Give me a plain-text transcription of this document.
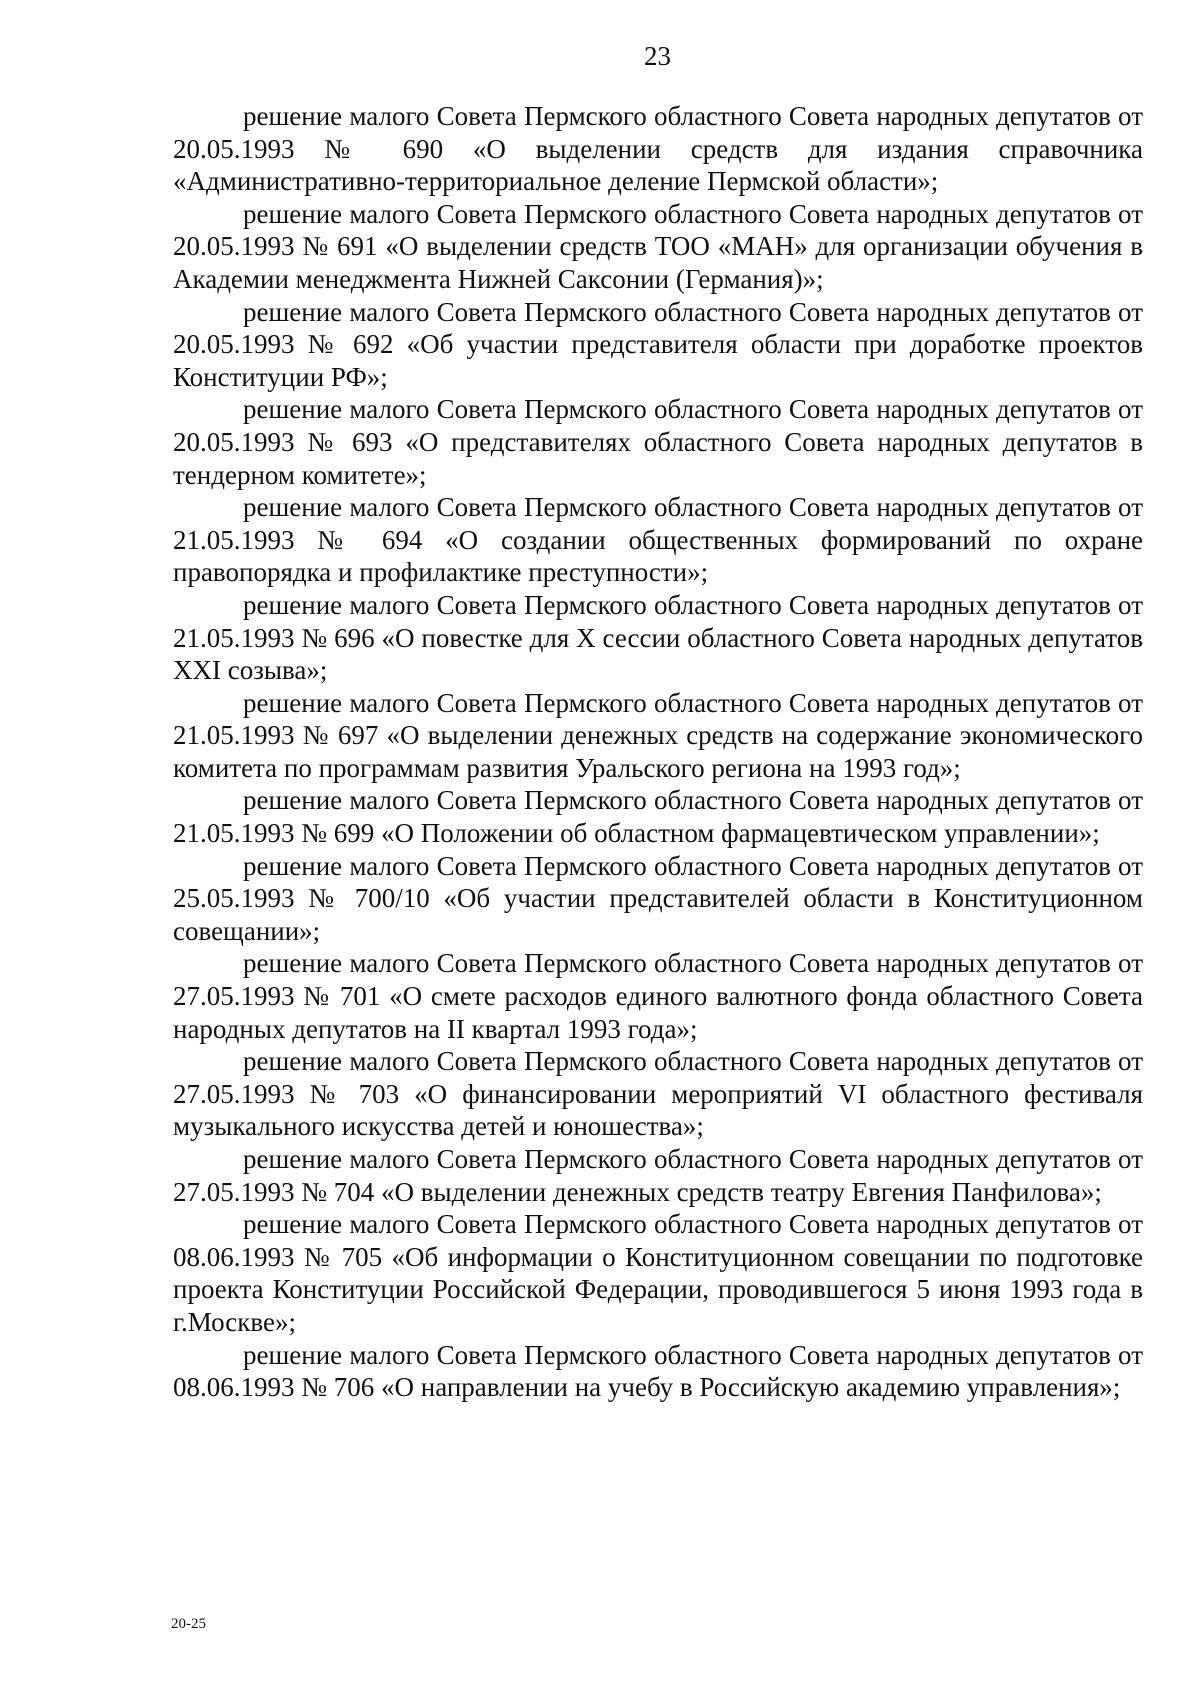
23

решение малого Совета Пермского областного Совета народных депутатов от 20.05.1993 № 690 «О выделении средств для издания справочника «Административно-территориальное деление Пермской области»;

решение малого Совета Пермского областного Совета народных депутатов от 20.05.1993 № 691 «О выделении средств ТОО «МАН» для организации обучения в Академии менеджмента Нижней Саксонии (Германия)»;

решение малого Совета Пермского областного Совета народных депутатов от 20.05.1993 № 692 «Об участии представителя области при доработке проектов Конституции РФ»;

решение малого Совета Пермского областного Совета народных депутатов от 20.05.1993 № 693 «О представителях областного Совета народных депутатов в тендерном комитете»;

решение малого Совета Пермского областного Совета народных депутатов от 21.05.1993 № 694 «О создании общественных формирований по охране правопорядка и профилактике преступности»;

решение малого Совета Пермского областного Совета народных депутатов от 21.05.1993 № 696 «О повестке для X сессии областного Совета народных депутатов XXI созыва»;

решение малого Совета Пермского областного Совета народных депутатов от 21.05.1993 № 697 «О выделении денежных средств на содержание экономического комитета по программам развития Уральского региона на 1993 год»;

решение малого Совета Пермского областного Совета народных депутатов от 21.05.1993 № 699 «О Положении об областном фармацевтическом управлении»;

решение малого Совета Пермского областного Совета народных депутатов от 25.05.1993 № 700/10 «Об участии представителей области в Конституционном совещании»;

решение малого Совета Пермского областного Совета народных депутатов от 27.05.1993 № 701 «О смете расходов единого валютного фонда областного Совета народных депутатов на II квартал 1993 года»;

решение малого Совета Пермского областного Совета народных депутатов от 27.05.1993 № 703 «О финансировании мероприятий VI областного фестиваля музыкального искусства детей и юношества»;

решение малого Совета Пермского областного Совета народных депутатов от 27.05.1993 № 704 «О выделении денежных средств театру Евгения Панфилова»;

решение малого Совета Пермского областного Совета народных депутатов от 08.06.1993 № 705 «Об информации о Конституционном совещании по подготовке проекта Конституции Российской Федерации, проводившегося 5 июня 1993 года в г.Москве»;

решение малого Совета Пермского областного Совета народных депутатов от 08.06.1993 № 706 «О направлении на учебу в Российскую академию управления»;

20-25
